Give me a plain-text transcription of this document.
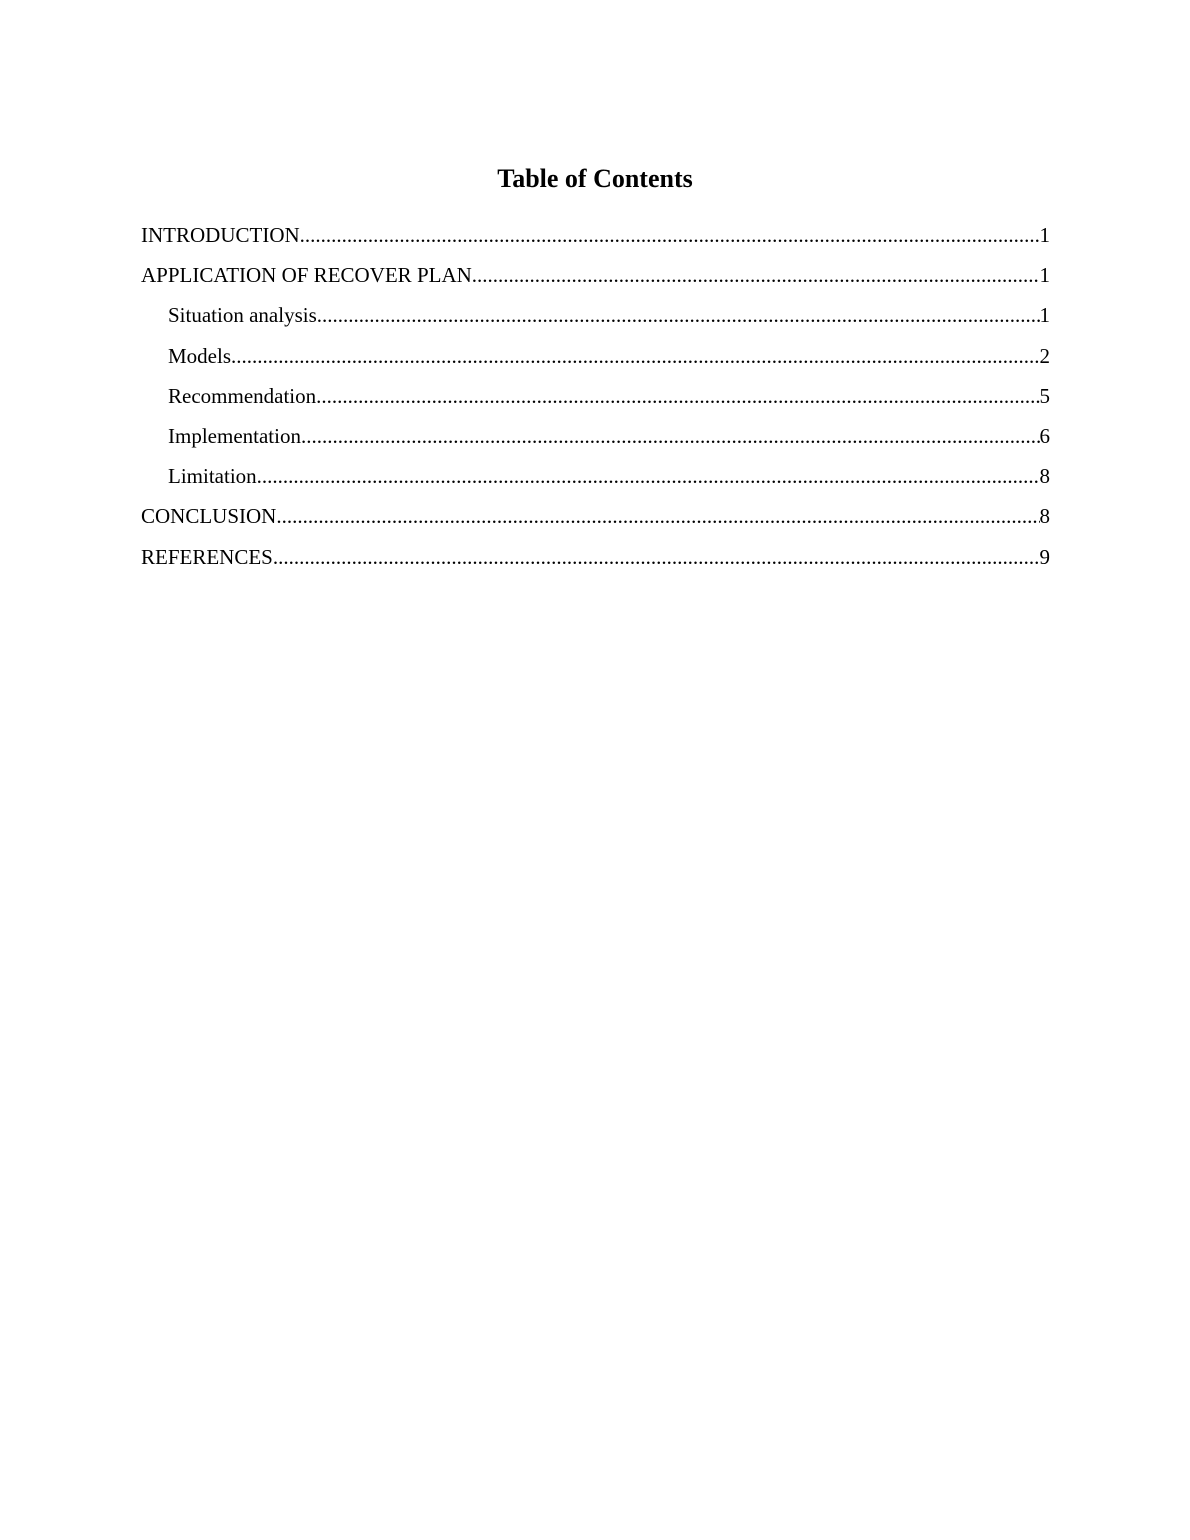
Table of Contents
INTRODUCTION .....	1
APPLICATION OF RECOVER PLAN .....	1
Situation analysis .....	1
Models .....	2
Recommendation .....	5
Implementation .....	6
Limitation .....	8
CONCLUSION .....	8
REFERENCES .....	9
